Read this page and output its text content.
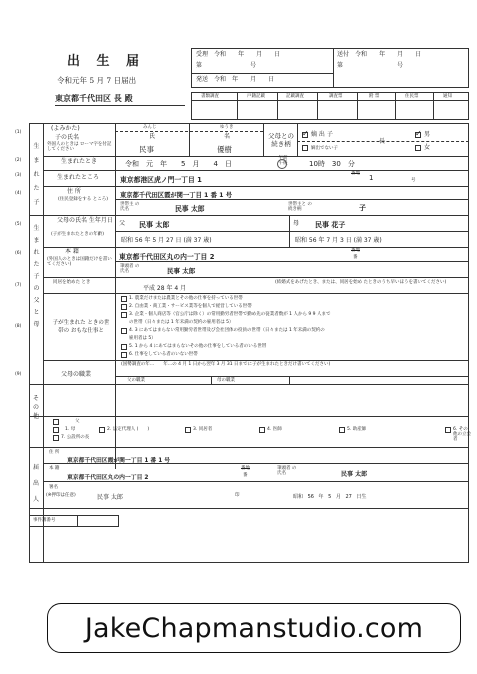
出 生 届
令和元年 5 月 7 日届出
東京都千代田区 長 殿
受理　 令和　　 年　　 月　　 日
第　　　　　　　　	号
発送　 令和　 年　　 月　　 日
送付　 令和　　 年　　 月　　 日
第　　　　　　　　　	号
書類調査	戸籍記載	記載調査	調査票	附 票	住民票	通知
(1)
(2)
(3)
(4)
(5)
(6)
(7)
(8)
(9)
生まれた子
生まれた子の父と母
(よみかた)
子の氏名
外国人のときは ローマ字を付記 してください
みんじ	ゆうき
氏	名
民事	優樹
父母との続き柄
✓
嫡 出 子
長
✓
男
嫡出でない子	女
生まれたとき	令和　 元　 年　　 5　 月　　 4　 日
午前 午後	10時　 30　 分
生まれたところ	東京都港区虎ノ門一丁目 1
番地
1	号
住 所
(住民登録をする ところ)
東京都千代田区霞が関一丁目 1 番 1 号
世帯主 の氏名	民事 太郎
世帯主と の続き柄	子
父母の氏名 生年月日
(子が生まれたときの年齢)
父 民事 太郎	母 民事 花子
昭和 56 年 5 月 27 日 (満 37 歳)	昭和 56 年 7 月 3 日 (満 37 歳)
本 籍
(外国人のときは国籍だけを書いてください)
東京都千代田区丸の内一丁目 2
番地
番
筆頭者 の氏名	民事 太郎
同居を始めた とき
平成 28 年 4 月
(結婚式をあげたとき、または、同居を始め たときのうち早いほうを書いてください)
子が生まれた ときの世帯の おもな仕事と
1. 農業だけまたは農業とその他の仕事を持っている世帯
2. 自由業・商工業・サービス業等を個人で経営している世帯
3. 企業・個人商店等（官公庁は除く）の常用勤労者世帯で勤め先の従業者数が 1 人から 9 9 人まで
の世帯（日々または 1 年未満の契約の雇用者は 5）
4. 3 にあてはまらない常用勤労者世帯及び会社団体の役員の世帯（日々または 1 年未満の契約の
雇用者は 5）
5. 1 から 4 にあてはまらないその他の仕事をしている者のいる世帯
6. 仕事をしている者のいない世帯
父母の職業
(国勢調査の年…　　年…の 4 月 1 日から翌年 3 月 31 日までに子が生まれたときだけ書いてください)
父の職業	母の職業
そ の 他
父
1. 母	2. 法定代理人 (　　)	3. 同居者	4. 医師	5. 助産師	6. その他の立会者
7. 公設所の長
届 出 人
住 所
東京都千代田区霞が関一丁目 1 番 1 号
本 籍
東京都千代田区丸の内一丁目 2
番地
番
筆頭者 の氏名	民事 太郎
署名
(※押印は任意)	民事 太郎	印	昭和 56 年 5 月 27 日生
事件簿番号
JakeChapmanstudio.com
